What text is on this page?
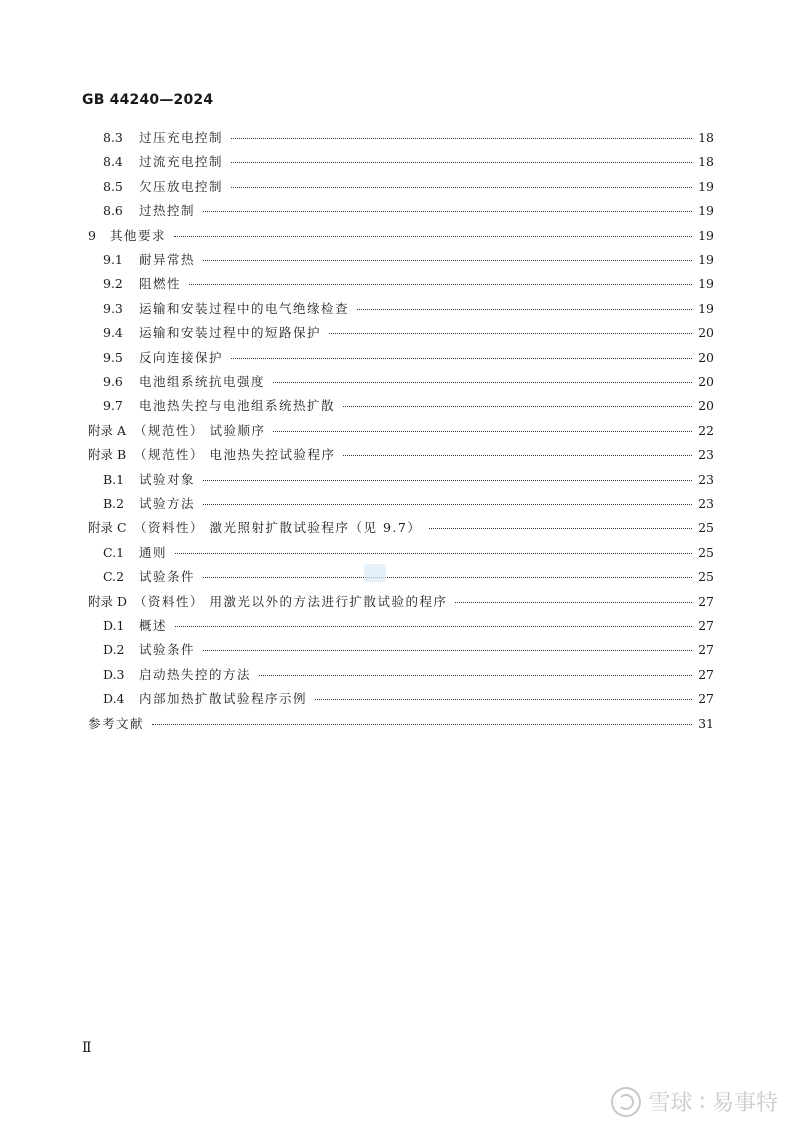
GB 44240—2024
8.3 过压充电控制	18
8.4 过流充电控制	18
8.5 欠压放电控制	19
8.6 过热控制	19
9 其他要求	19
9.1 耐异常热	19
9.2 阻燃性	19
9.3 运输和安装过程中的电气绝缘检查	19
9.4 运输和安装过程中的短路保护	20
9.5 反向连接保护	20
9.6 电池组系统抗电强度	20
9.7 电池热失控与电池组系统热扩散	20
附录 A （规范性） 试验顺序	22
附录 B （规范性） 电池热失控试验程序	23
B.1 试验对象	23
B.2 试验方法	23
附录 C （资料性） 激光照射扩散试验程序（见 9.7）	25
C.1 通则	25
C.2 试验条件	25
附录 D （资料性） 用激光以外的方法进行扩散试验的程序	27
D.1 概述	27
D.2 试验条件	27
D.3 启动热失控的方法	27
D.4 内部加热扩散试验程序示例	27
参考文献	31
Ⅱ
雪球 : 易事特
